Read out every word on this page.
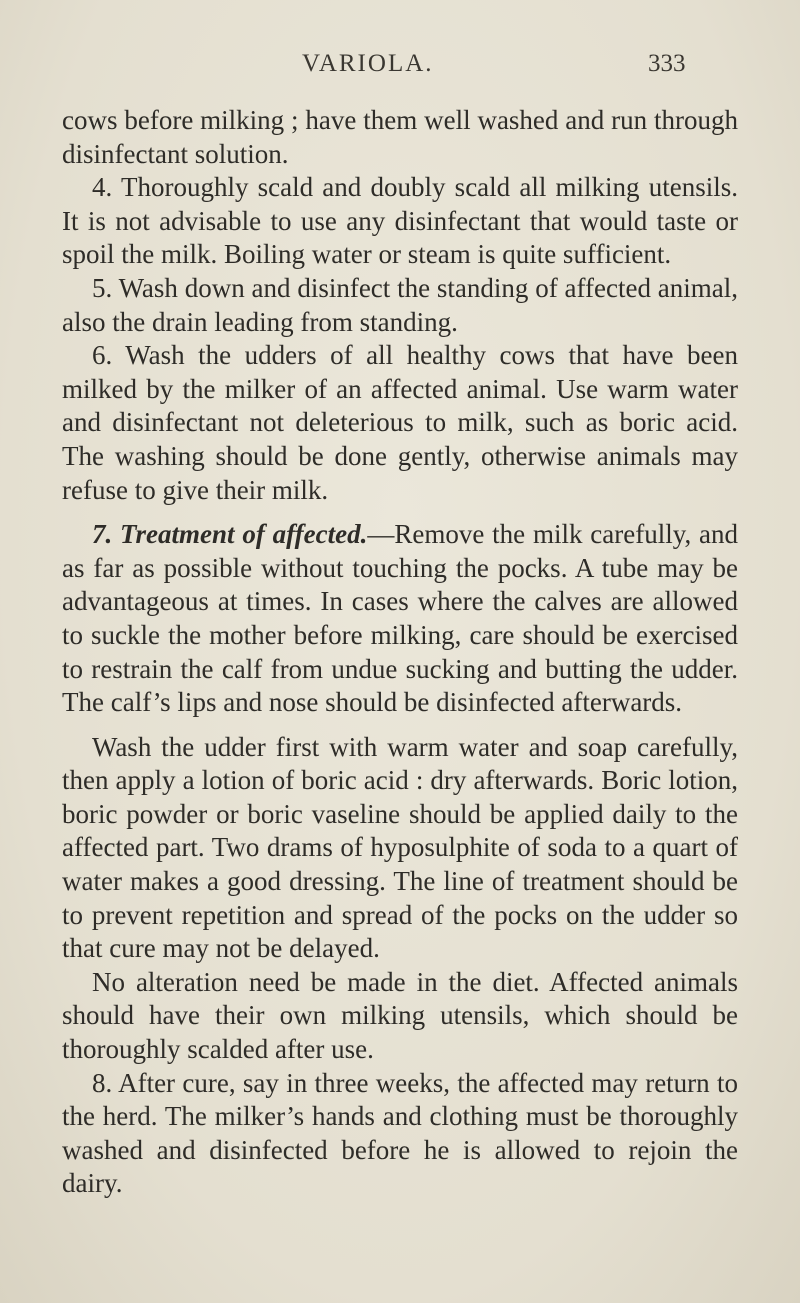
VARIOLA.	333

cows before milking ; have them well washed and run through disinfectant solution.

4. Thoroughly scald and doubly scald all milking utensils. It is not advisable to use any disinfectant that would taste or spoil the milk. Boiling water or steam is quite sufficient.

5. Wash down and disinfect the standing of affected animal, also the drain leading from standing.

6. Wash the udders of all healthy cows that have been milked by the milker of an affected animal. Use warm water and disinfectant not deleterious to milk, such as boric acid. The washing should be done gently, otherwise animals may refuse to give their milk.

7. Treatment of affected.—Remove the milk carefully, and as far as possible without touching the pocks. A tube may be advantageous at times. In cases where the calves are allowed to suckle the mother before milking, care should be exercised to restrain the calf from undue sucking and butting the udder. The calf’s lips and nose should be disinfected afterwards.

Wash the udder first with warm water and soap carefully, then apply a lotion of boric acid : dry afterwards. Boric lotion, boric powder or boric vaseline should be applied daily to the affected part. Two drams of hyposulphite of soda to a quart of water makes a good dressing. The line of treatment should be to prevent repetition and spread of the pocks on the udder so that cure may not be delayed.

No alteration need be made in the diet. Affected animals should have their own milking utensils, which should be thoroughly scalded after use.

8. After cure, say in three weeks, the affected may return to the herd. The milker’s hands and clothing must be thoroughly washed and disinfected before he is allowed to rejoin the dairy.
